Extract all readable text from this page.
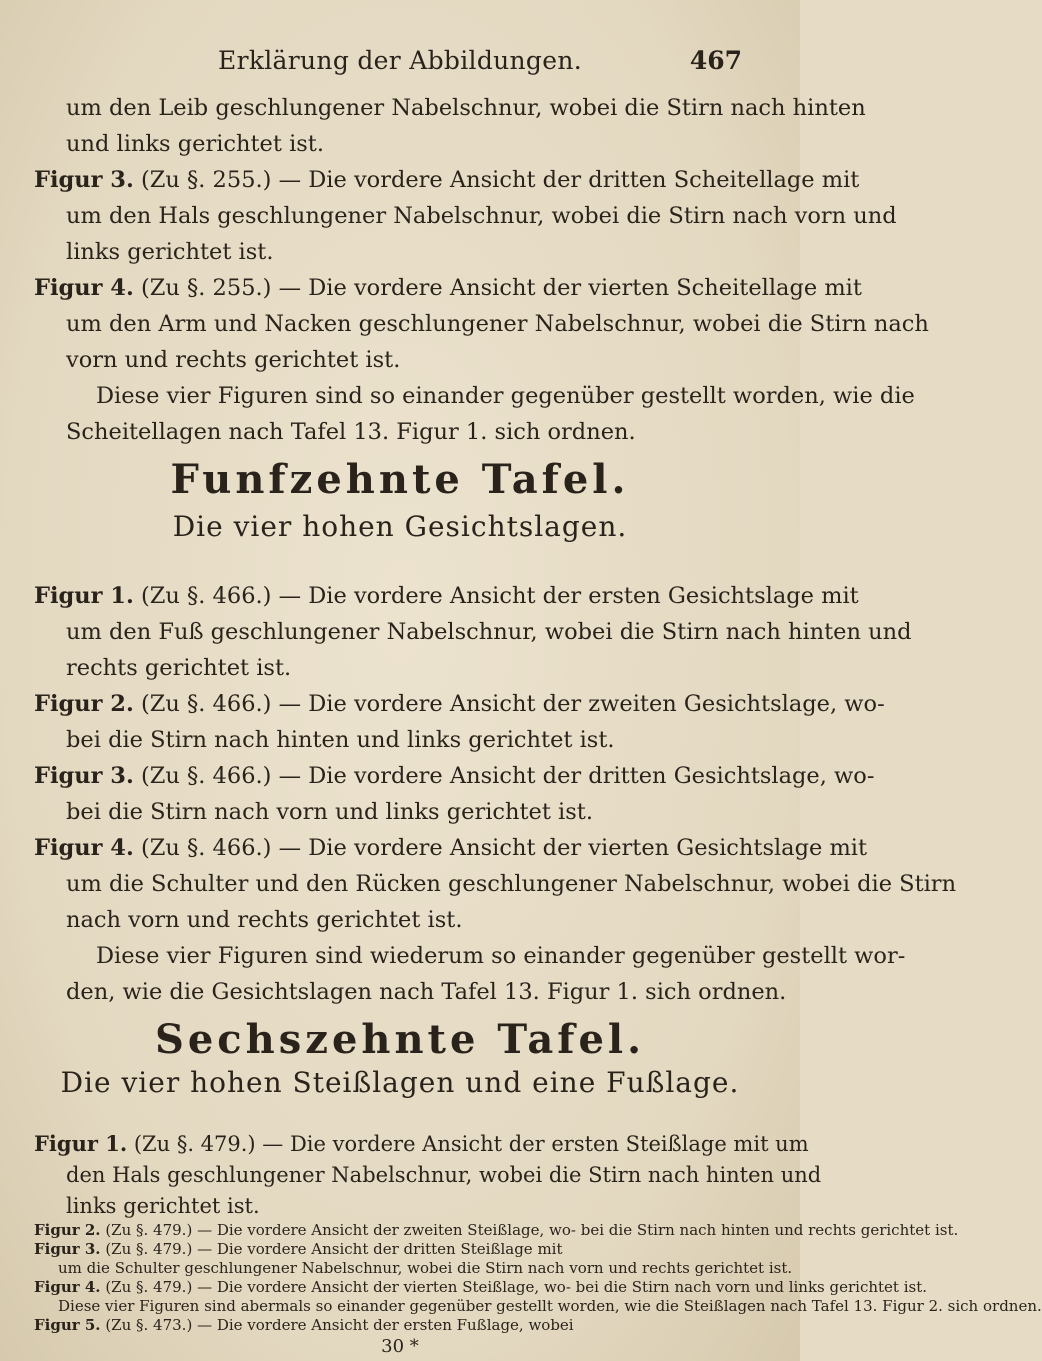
Erklärung der Abbildungen.	467
um den Leib geschlungener Nabelschnur, wobei die Stirn nach hinten
und links gerichtet ist.
Figur 3. (Zu §. 255.) — Die vordere Ansicht der dritten Scheitellage mit
um den Hals geschlungener Nabelschnur, wobei die Stirn nach vorn und
links gerichtet ist.
Figur 4. (Zu §. 255.) — Die vordere Ansicht der vierten Scheitellage mit
um den Arm und Nacken geschlungener Nabelschnur, wobei die Stirn nach
vorn und rechts gerichtet ist.
Diese vier Figuren sind so einander gegenüber gestellt worden, wie die
Scheitellagen nach Tafel 13. Figur 1. sich ordnen.
Funfzehnte Tafel.
Die vier hohen Gesichtslagen.
Figur 1. (Zu §. 466.) — Die vordere Ansicht der ersten Gesichtslage mit
um den Fuß geschlungener Nabelschnur, wobei die Stirn nach hinten und
rechts gerichtet ist.
Figur 2. (Zu §. 466.) — Die vordere Ansicht der zweiten Gesichtslage, wo-
bei die Stirn nach hinten und links gerichtet ist.
Figur 3. (Zu §. 466.) — Die vordere Ansicht der dritten Gesichtslage, wo-
bei die Stirn nach vorn und links gerichtet ist.
Figur 4. (Zu §. 466.) — Die vordere Ansicht der vierten Gesichtslage mit
um die Schulter und den Rücken geschlungener Nabelschnur, wobei die Stirn
nach vorn und rechts gerichtet ist.
Diese vier Figuren sind wiederum so einander gegenüber gestellt wor-
den, wie die Gesichtslagen nach Tafel 13. Figur 1. sich ordnen.
Sechszehnte Tafel.
Die vier hohen Steißlagen und eine Fußlage.
Figur 1. (Zu §. 479.) — Die vordere Ansicht der ersten Steißlage mit um
den Hals geschlungener Nabelschnur, wobei die Stirn nach hinten und
links gerichtet ist.
Figur 2. (Zu §. 479.) — Die vordere Ansicht der zweiten Steißlage, wo- bei die Stirn nach hinten und rechts gerichtet ist.
Figur 3. (Zu §. 479.) — Die vordere Ansicht der dritten Steißlage mit
um die Schulter geschlungener Nabelschnur, wobei die Stirn nach vorn und rechts gerichtet ist.
Figur 4. (Zu §. 479.) — Die vordere Ansicht der vierten Steißlage, wo- bei die Stirn nach vorn und links gerichtet ist.
Diese vier Figuren sind abermals so einander gegenüber gestellt worden, wie die Steißlagen nach Tafel 13. Figur 2. sich ordnen.
Figur 5. (Zu §. 473.) — Die vordere Ansicht der ersten Fußlage, wobei
30 *
